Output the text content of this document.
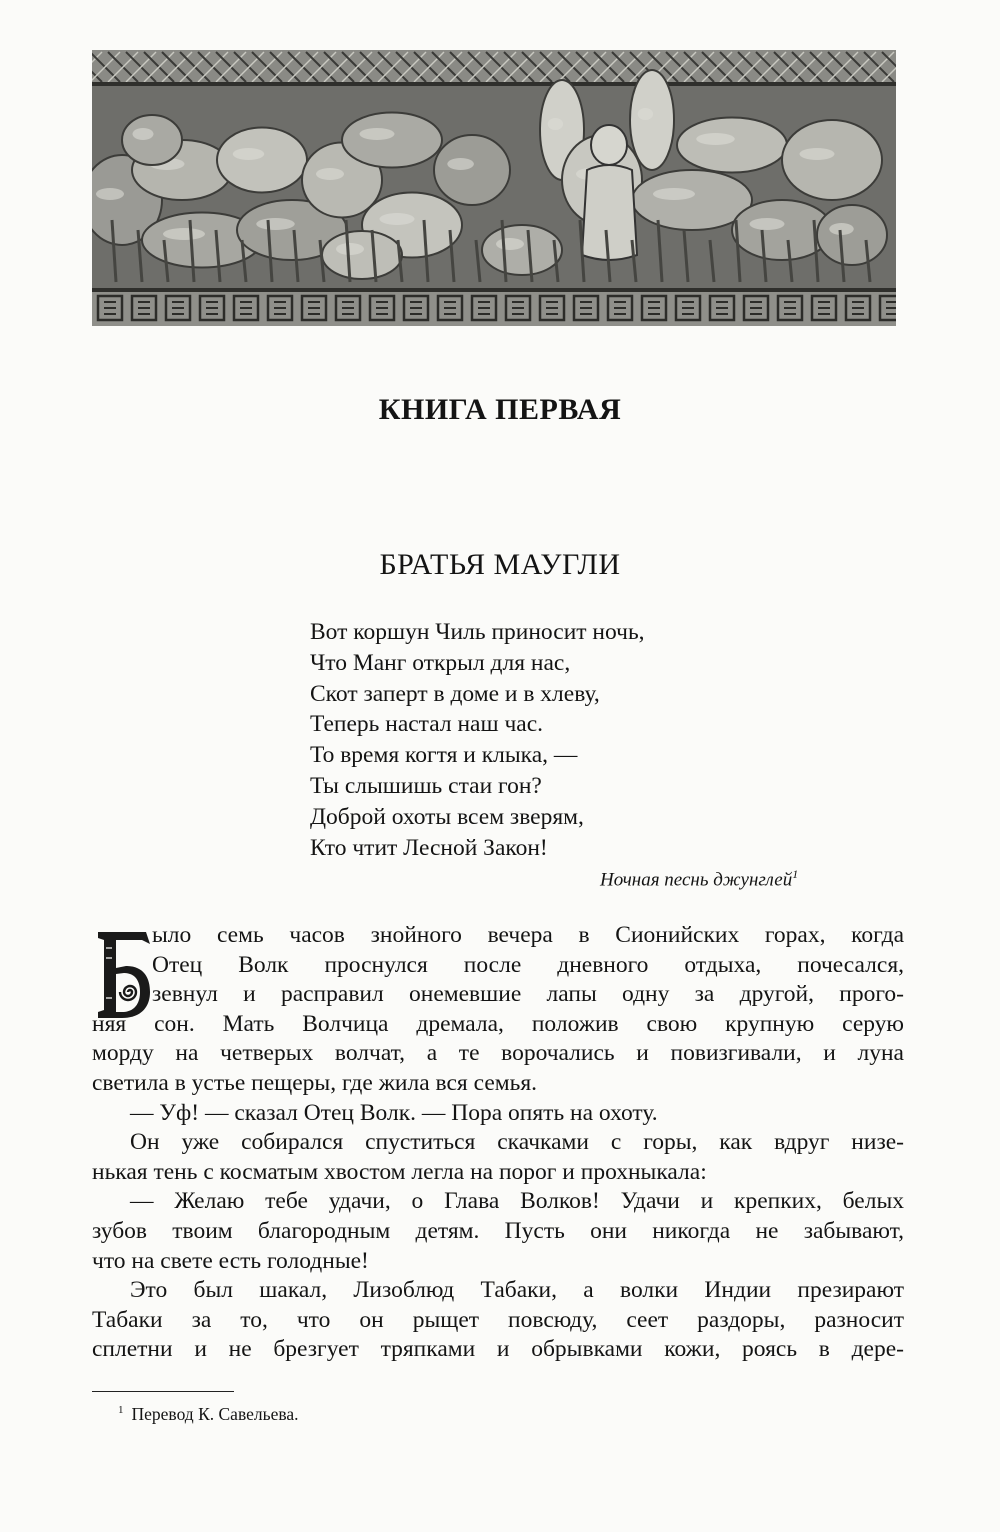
КНИГА ПЕРВАЯ
БРАТЬЯ МАУГЛИ
Вот коршун Чиль приносит ночь,
Что Манг открыл для нас,
Скот заперт в доме и в хлеву,
Теперь настал наш час.
То время когтя и клыка, —
Ты слышишь стаи гон?
Доброй охоты всем зверям,
Кто чтит Лесной Закон!
Ночная песнь джунглей$^1$
ыло семь часов знойного вечера в Сионийских горах, когда
Отец Волк проснулся после дневного отдыха, почесался,
зевнул и расправил онемевшие лапы одну за другой, прого-
няя сон. Мать Волчица дремала, положив свою крупную серую
морду на четверых волчат, а те ворочались и повизгивали, и луна
светила в устье пещеры, где жила вся семья.
— Уф! — сказал Отец Волк. — Пора опять на охоту.
Он уже собирался спуститься скачками с горы, как вдруг низе-
нькая тень с косматым хвостом легла на порог и прохныкала:
— Желаю тебе удачи, о Глава Волков! Удачи и крепких, белых
зубов твоим благородным детям. Пусть они никогда не забывают,
что на свете есть голодные!
Это был шакал, Лизоблюд Табаки, а волки Индии презирают
Табаки за то, что он рыщет повсюду, сеет раздоры, разносит
сплетни и не брезгует тряпками и обрывками кожи, роясь в дере-
$^1$ Перевод К. Савельева.
